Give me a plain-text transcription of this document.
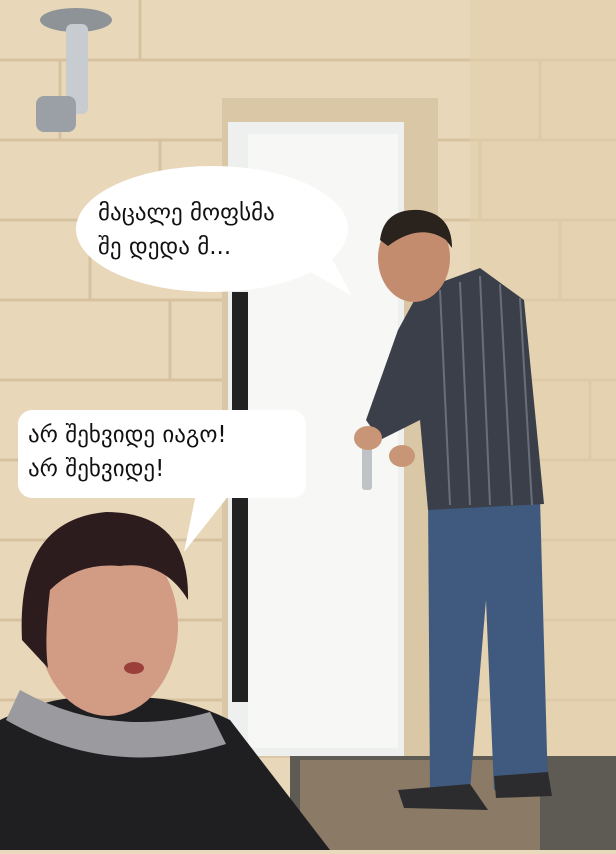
მაცალე მოფსმა
შე დედა მ...
არ შეხვიდე იაგო!
არ შეხვიდე!
